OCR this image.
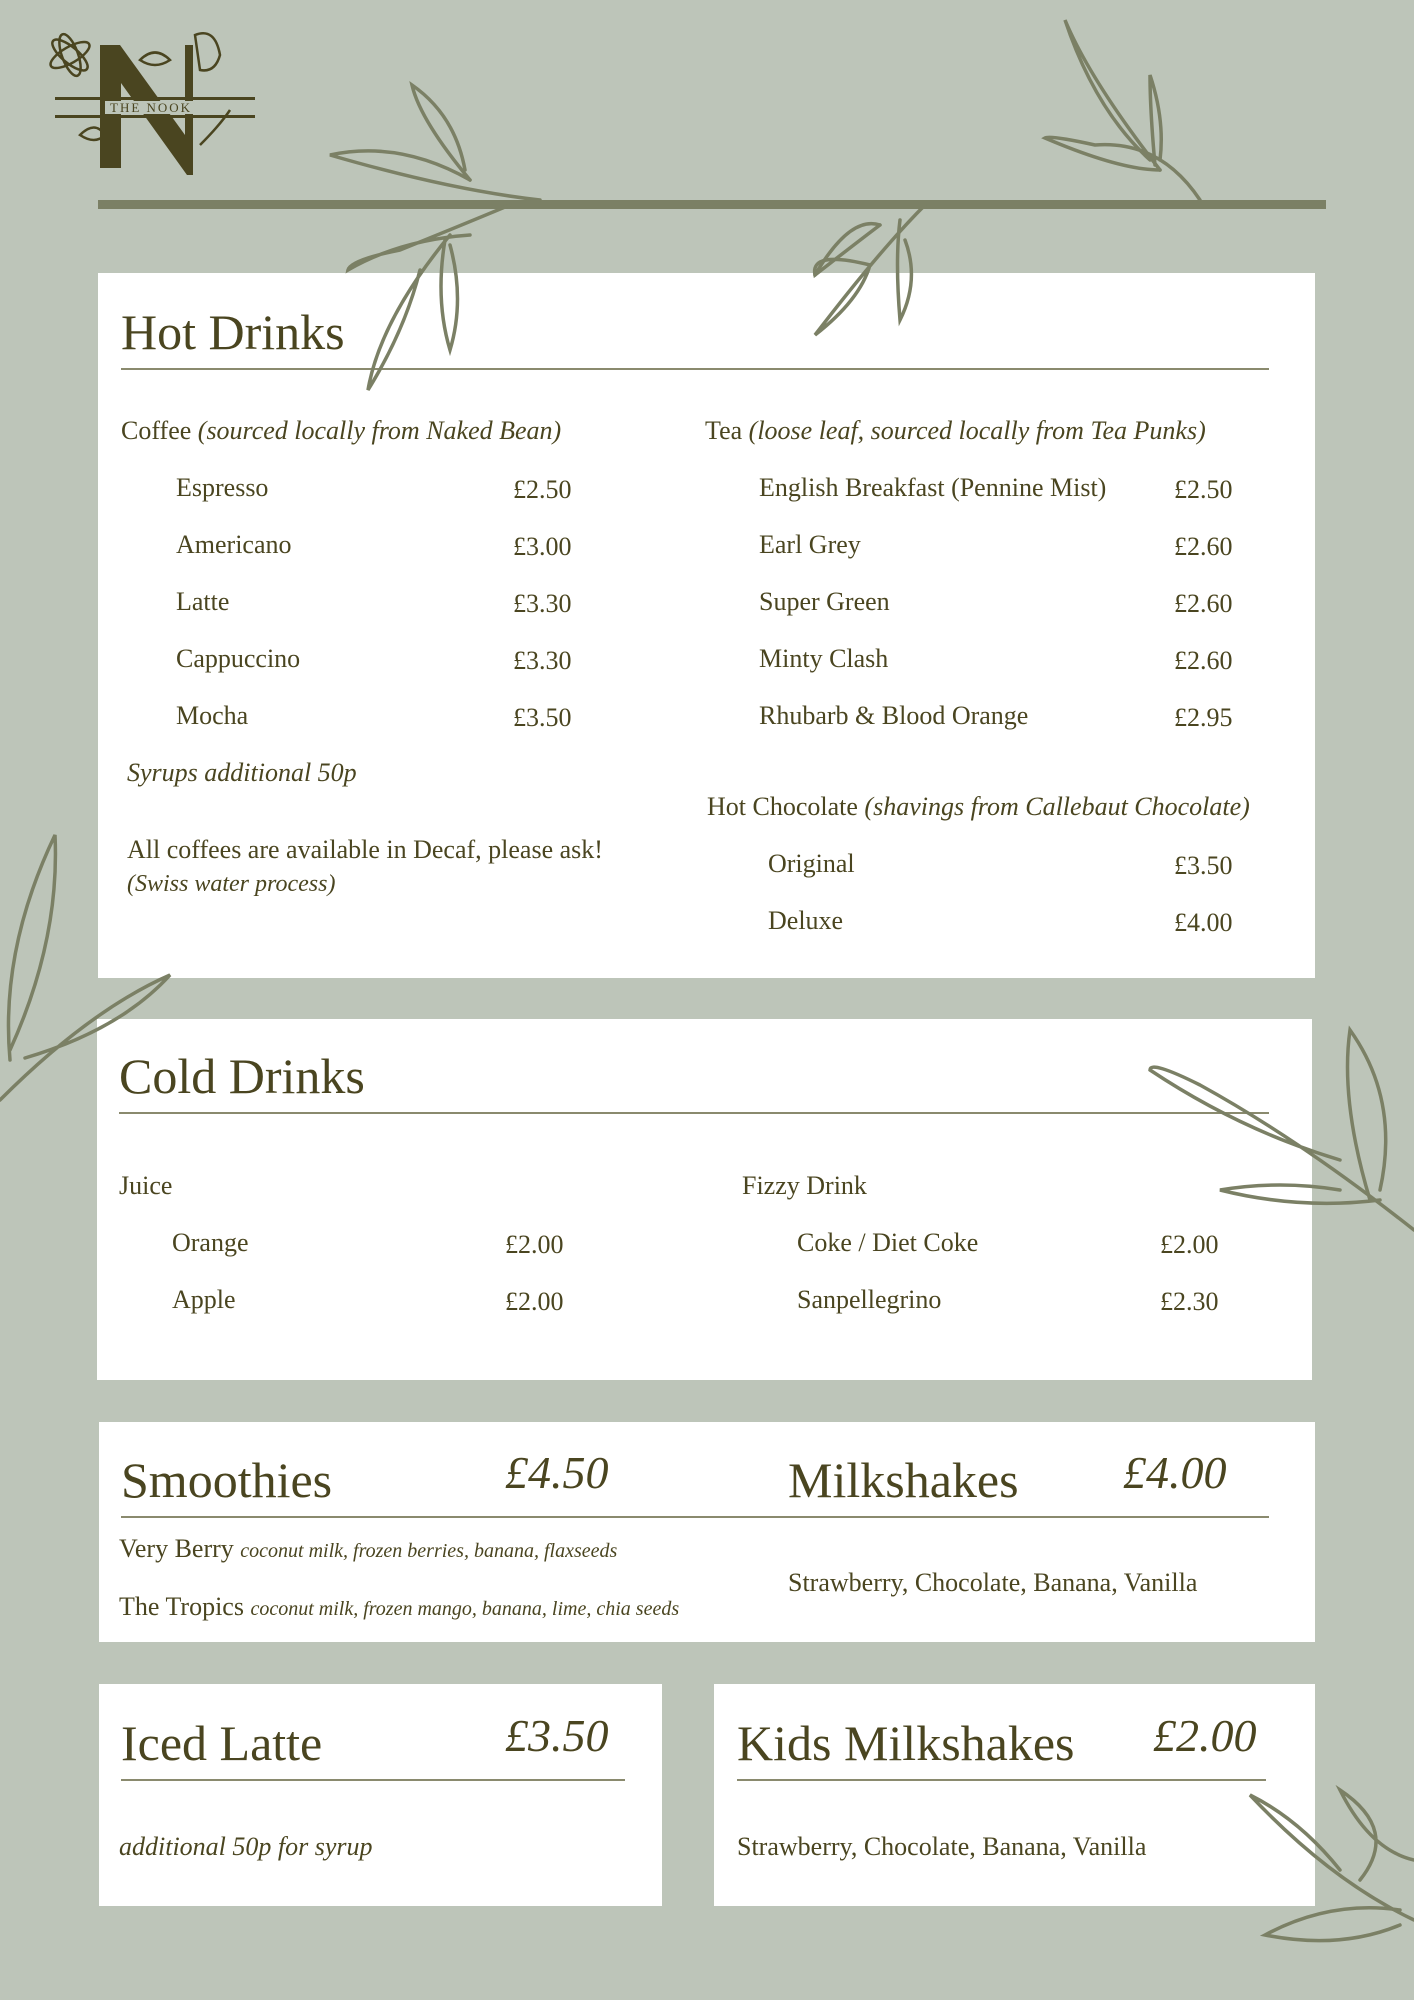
THE NOOK
Hot Drinks
Coffee (sourced locally from Naked Bean)
Espresso	£2.50
Americano	£3.00
Latte	£3.30
Cappuccino	£3.30
Mocha	£3.50
Syrups additional 50p
All coffees are available in Decaf, please ask!
(Swiss water process)
Tea (loose leaf, sourced locally from Tea Punks)
English Breakfast (Pennine Mist)	£2.50
Earl Grey	£2.60
Super Green	£2.60
Minty Clash	£2.60
Rhubarb & Blood Orange	£2.95
Hot Chocolate (shavings from Callebaut Chocolate)
Original	£3.50
Deluxe	£4.00
Cold Drinks
Juice
Orange	£2.00
Apple	£2.00
Fizzy Drink
Coke / Diet Coke	£2.00
Sanpellegrino	£2.30
Smoothies	£4.50	Milkshakes £4.00
Very Berry coconut milk, frozen berries, banana, flaxseeds
The Tropics coconut milk, frozen mango, banana, lime, chia seeds
Strawberry, Chocolate, Banana, Vanilla
Iced Latte	£3.50
additional 50p for syrup
Kids Milkshakes £2.00
Strawberry, Chocolate, Banana, Vanilla
